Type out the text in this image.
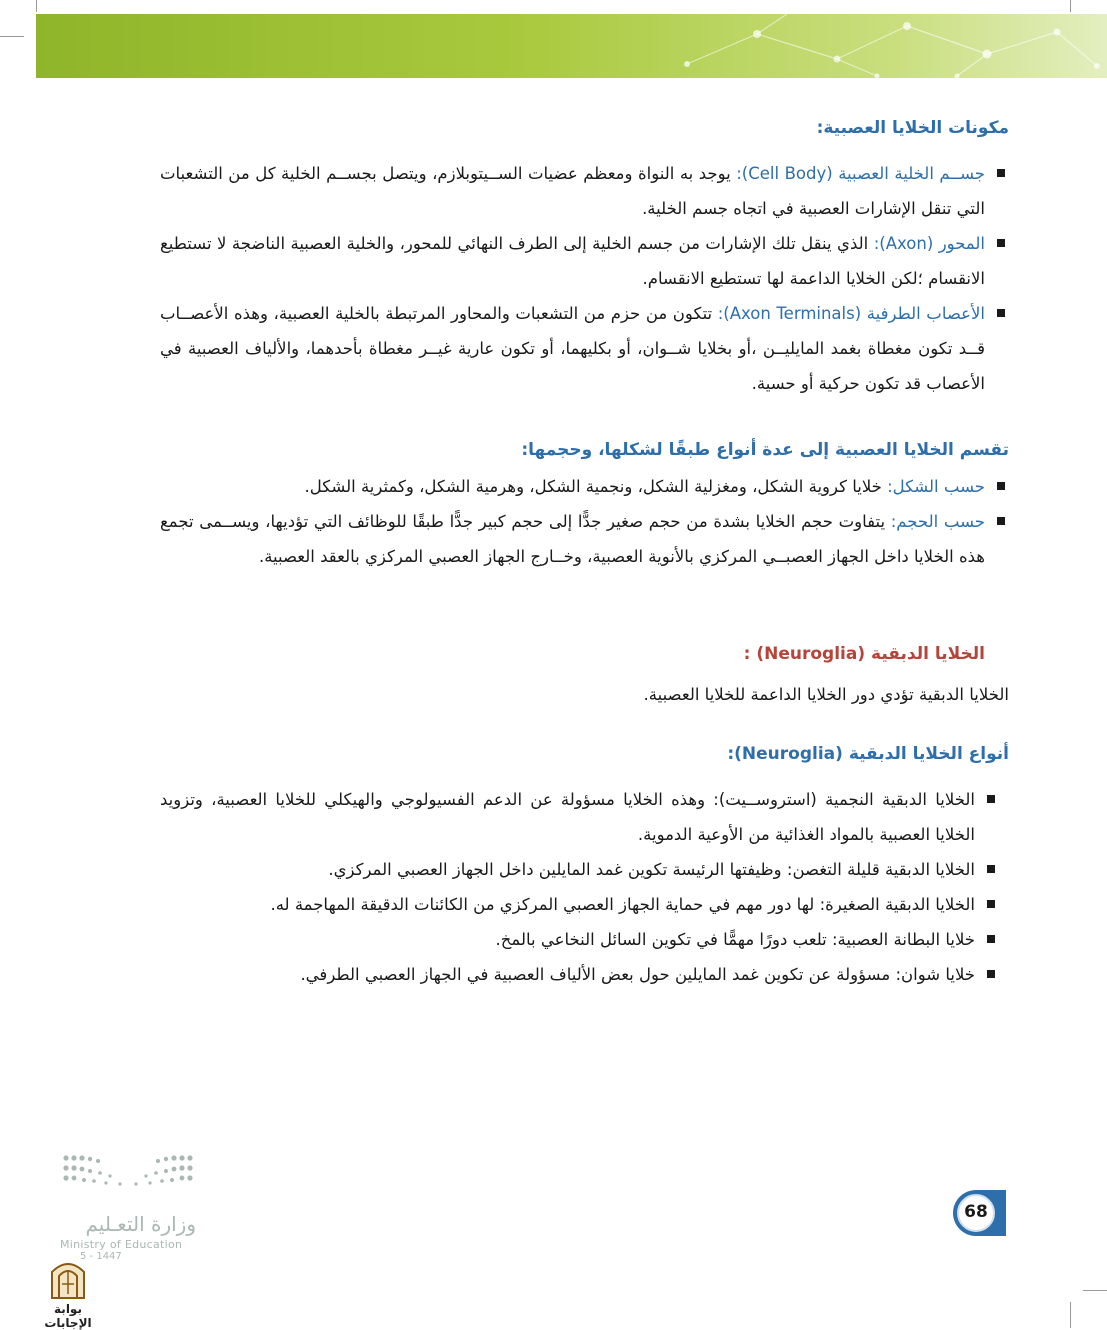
مكونات الخلايا العصبية:
جســم الخلية العصبية (Cell Body): يوجد به النواة ومعظم عضيات الســيتوبلازم، ويتصل بجســم الخلية كل من التشعبات التي تنقل الإشارات العصبية في اتجاه جسم الخلية.
المحور (Axon): الذي ينقل تلك الإشارات من جسم الخلية إلى الطرف النهائي للمحور، والخلية العصبية الناضجة لا تستطيع الانقسام ؛لكن الخلايا الداعمة لها تستطيع الانقسام.
الأعصاب الطرفية (Axon Terminals): تتكون من حزم من التشعبات والمحاور المرتبطة بالخلية العصبية، وهذه الأعصــاب قــد تكون مغطاة بغمد المايليــن ،أو بخلايا شــوان، أو بكليهما، أو تكون عارية غيــر مغطاة بأحدهما، والألياف العصبية في الأعصاب قد تكون حركية أو حسية.
تقسم الخلايا العصبية إلى عدة أنواع طبقًا لشكلها، وحجمها:
حسب الشكل: خلايا كروية الشكل، ومغزلية الشكل، ونجمية الشكل، وهرمية الشكل، وكمثرية الشكل.
حسب الحجم: يتفاوت حجم الخلايا بشدة من حجم صغير جدًّا إلى حجم كبير جدًّا طبقًا للوظائف التي تؤديها، ويســمى تجمع هذه الخلايا داخل الجهاز العصبــي المركزي بالأنوية العصبية، وخــارج الجهاز العصبي المركزي بالعقد العصبية.
الخلايا الدبقية (Neuroglia) :
الخلايا الدبقية تؤدي دور الخلايا الداعمة للخلايا العصبية.
أنواع الخلايا الدبقية (Neuroglia):
الخلايا الدبقية النجمية (استروســيت): وهذه الخلايا مسؤولة عن الدعم الفسيولوجي والهيكلي للخلايا العصبية، وتزويد الخلايا العصبية بالمواد الغذائية من الأوعية الدموية.
الخلايا الدبقية قليلة التغصن: وظيفتها الرئيسة تكوين غمد المايلين داخل الجهاز العصبي المركزي.
الخلايا الدبقية الصغيرة: لها دور مهم في حماية الجهاز العصبي المركزي من الكائنات الدقيقة المهاجمة له.
خلايا البطانة العصبية: تلعب دورًا مهمًّا في تكوين السائل النخاعي بالمخ.
خلايا شوان: مسؤولة عن تكوين غمد المايلين حول بعض الألياف العصبية في الجهاز العصبي الطرفي.
وزارة التعـليم
Ministry of Education
5 - 1447
بوابة الإجابات
68
